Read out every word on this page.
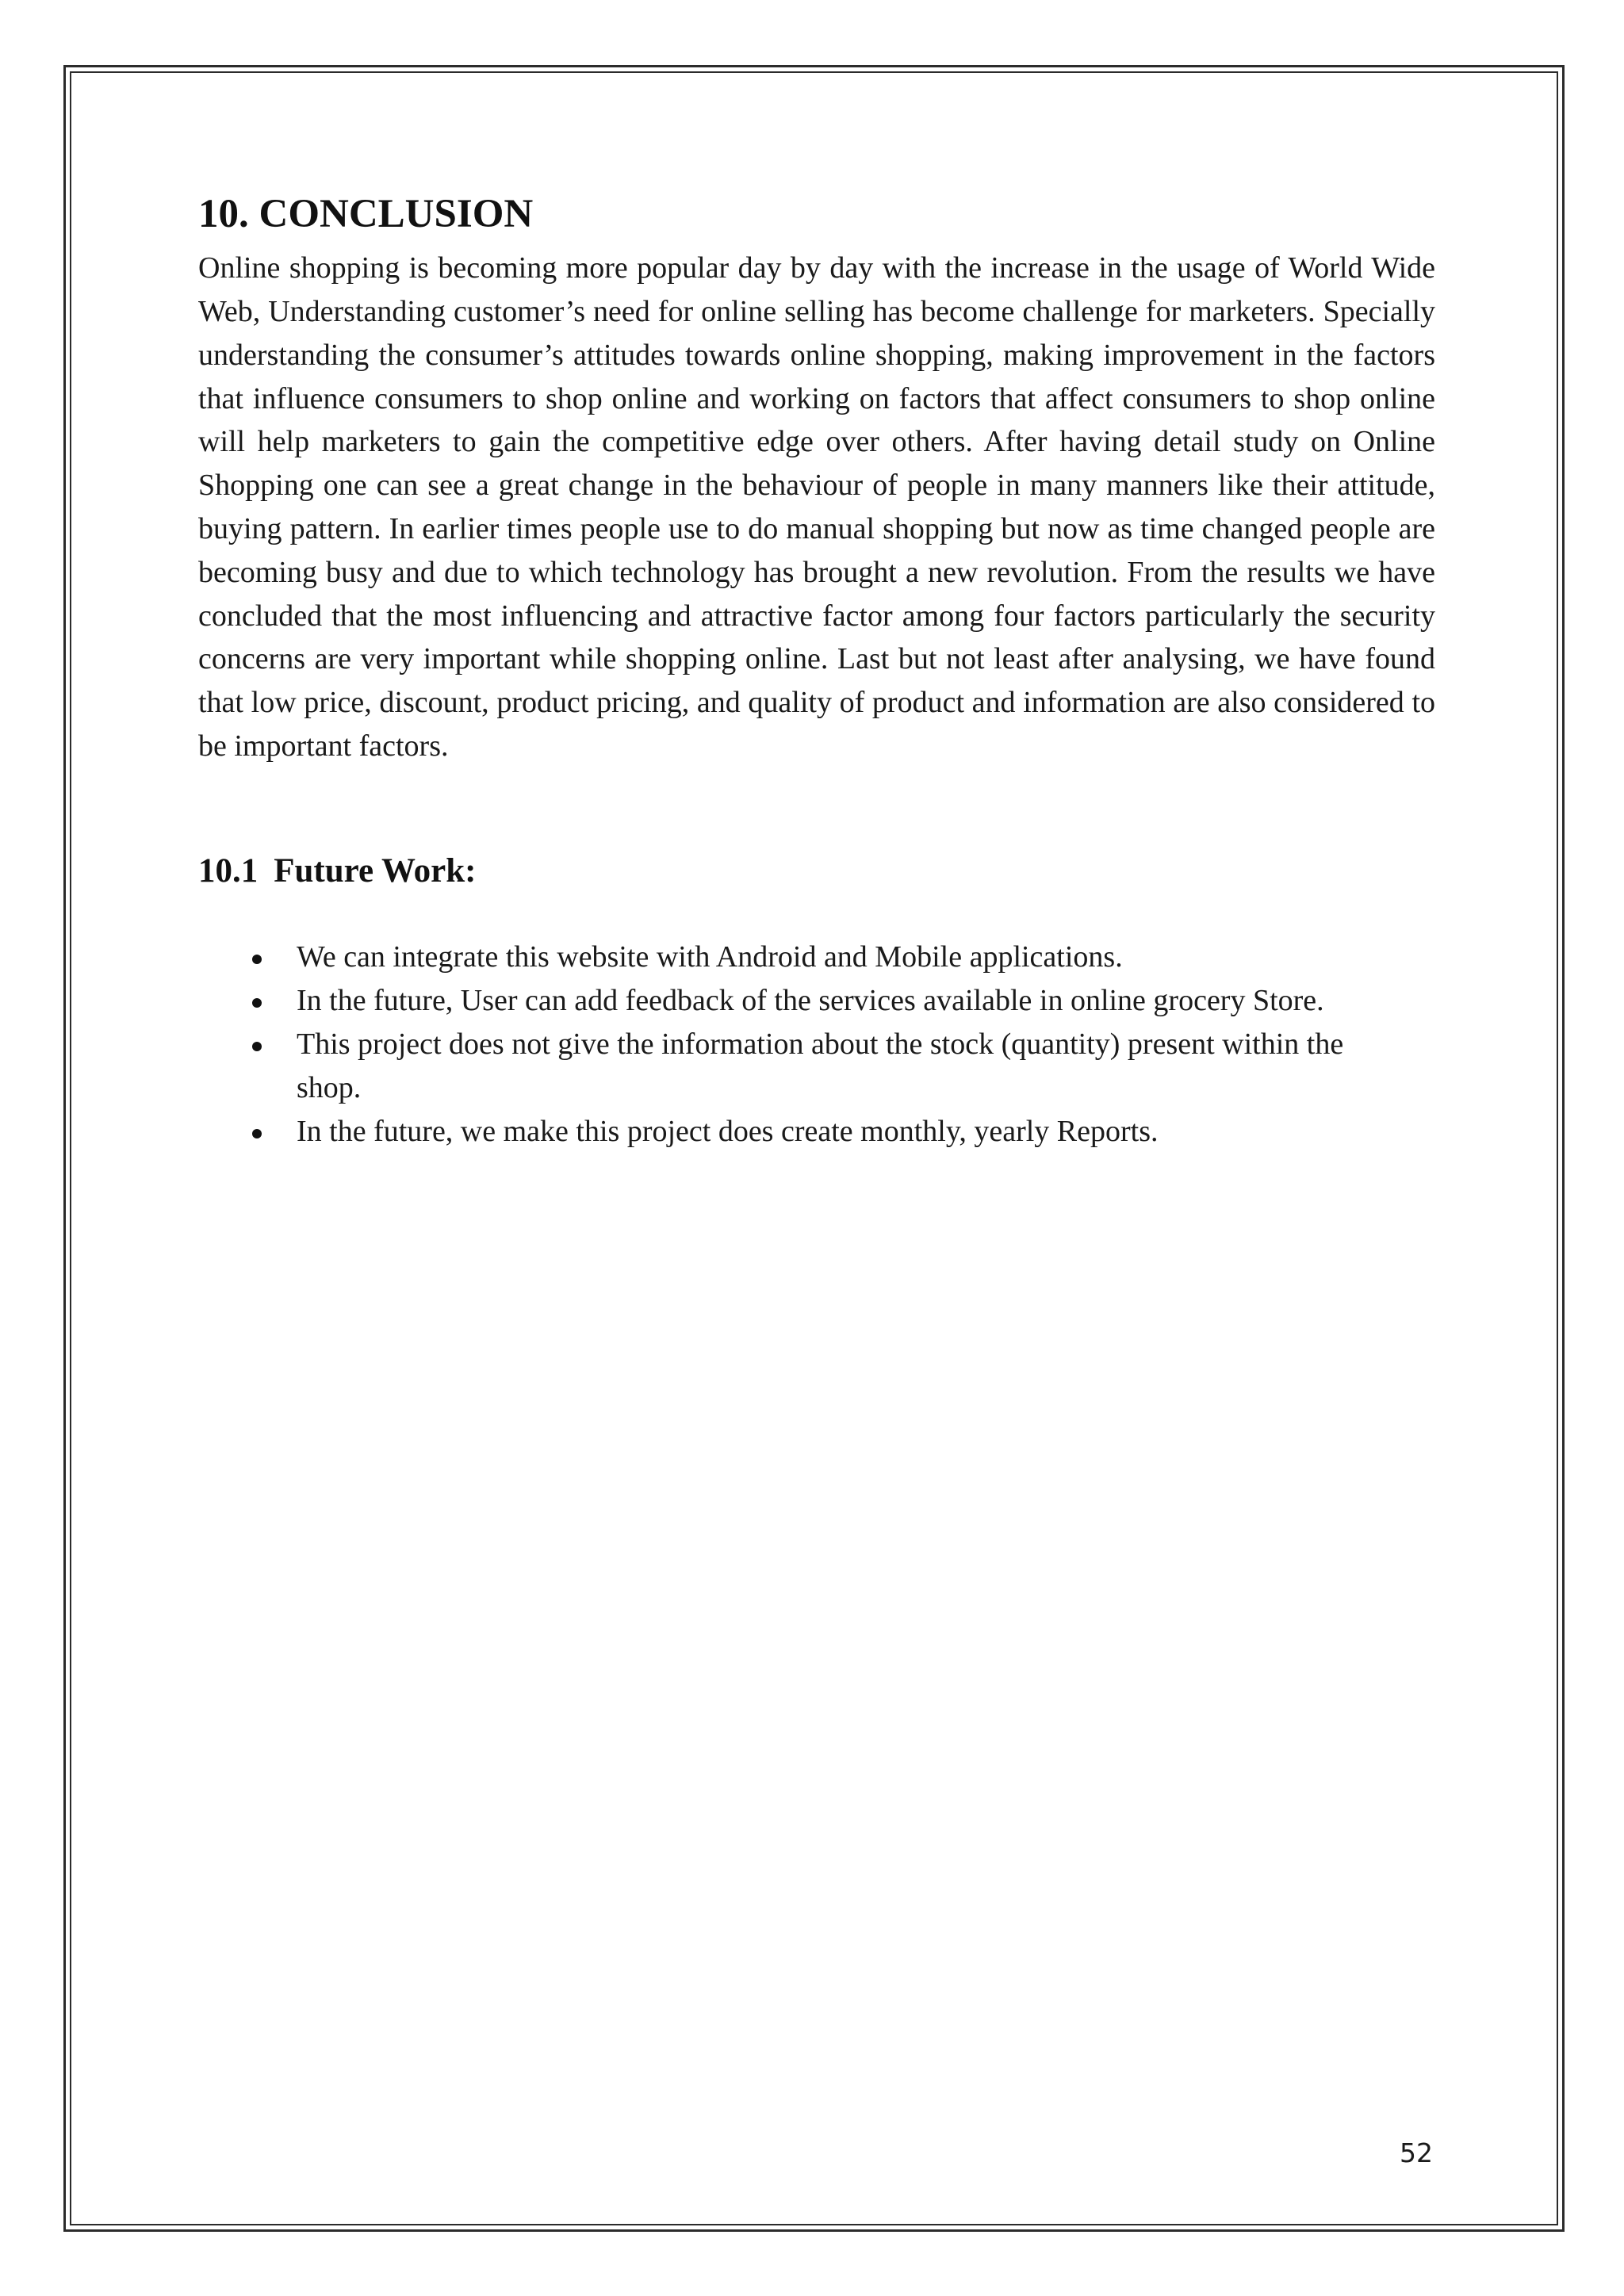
10. CONCLUSION

Online shopping is becoming more popular day by day with the increase in the usage of World Wide Web, Understanding customer’s need for online selling has become challenge for marketers. Specially understanding the consumer’s attitudes towards online shopping, making improvement in the factors that influence consumers to shop online and working on factors that affect consumers to shop online will help marketers to gain the competitive edge over others. After having detail study on Online Shopping one can see a great change in the behaviour of people in many manners like their attitude, buying pattern. In earlier times people use to do manual shopping but now as time changed people are becoming busy and due to which technology has brought a new revolution. From the results we have concluded that the most influencing and attractive factor among four factors particularly the security concerns are very important while shopping online. Last but not least after analysing, we have found that low price, discount, product pricing, and quality of product and information are also considered to be important factors.

10.1 Future Work:
We can integrate this website with Android and Mobile applications.
In the future, User can add feedback of the services available in online grocery Store.
This project does not give the information about the stock (quantity) present within the shop.
In the future, we make this project does create monthly, yearly Reports.
52
